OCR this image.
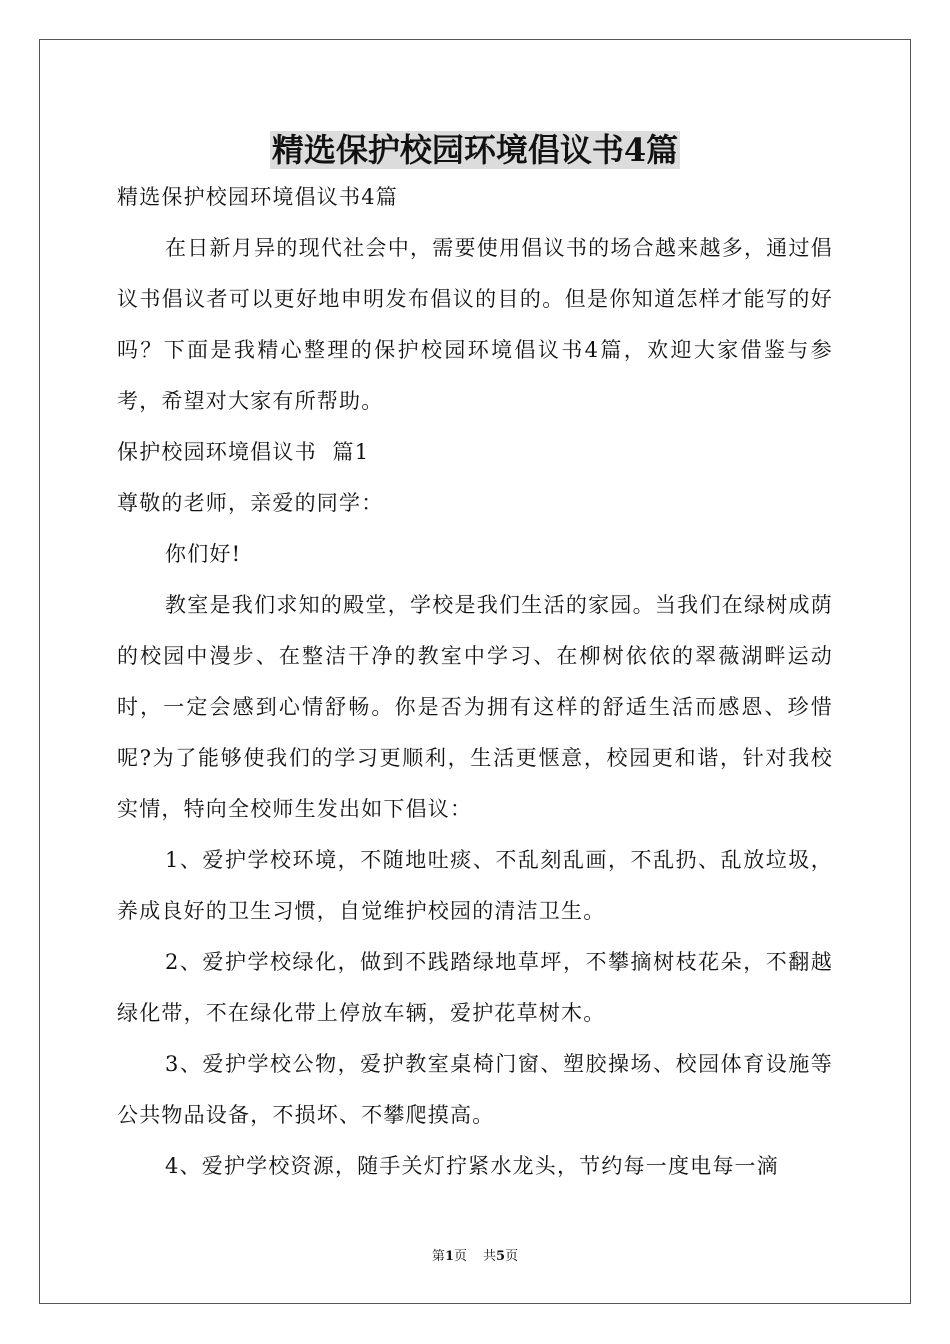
精选保护校园环境倡议书4篇

精选保护校园环境倡议书4篇

在日新月异的现代社会中，需要使用倡议书的场合越来越多，通过倡议书倡议者可以更好地申明发布倡议的目的。但是你知道怎样才能写的好吗？下面是我精心整理的保护校园环境倡议书4篇，欢迎大家借鉴与参考，希望对大家有所帮助。

保护校园环境倡议书  篇1

尊敬的老师，亲爱的同学：

你们好!

教室是我们求知的殿堂，学校是我们生活的家园。当我们在绿树成荫的校园中漫步、在整洁干净的教室中学习、在柳树依依的翠薇湖畔运动时，一定会感到心情舒畅。你是否为拥有这样的舒适生活而感恩、珍惜呢?为了能够使我们的学习更顺利，生活更惬意，校园更和谐，针对我校实情，特向全校师生发出如下倡议：

1、爱护学校环境，不随地吐痰、不乱刻乱画，不乱扔、乱放垃圾，养成良好的卫生习惯，自觉维护校园的清洁卫生。

2、爱护学校绿化，做到不践踏绿地草坪，不攀摘树枝花朵，不翻越绿化带，不在绿化带上停放车辆，爱护花草树木。

3、爱护学校公物，爱护教室桌椅门窗、塑胶操场、校园体育设施等公共物品设备，不损坏、不攀爬摸高。

4、爱护学校资源，随手关灯拧紧水龙头，节约每一度电每一滴

第1页 共5页
